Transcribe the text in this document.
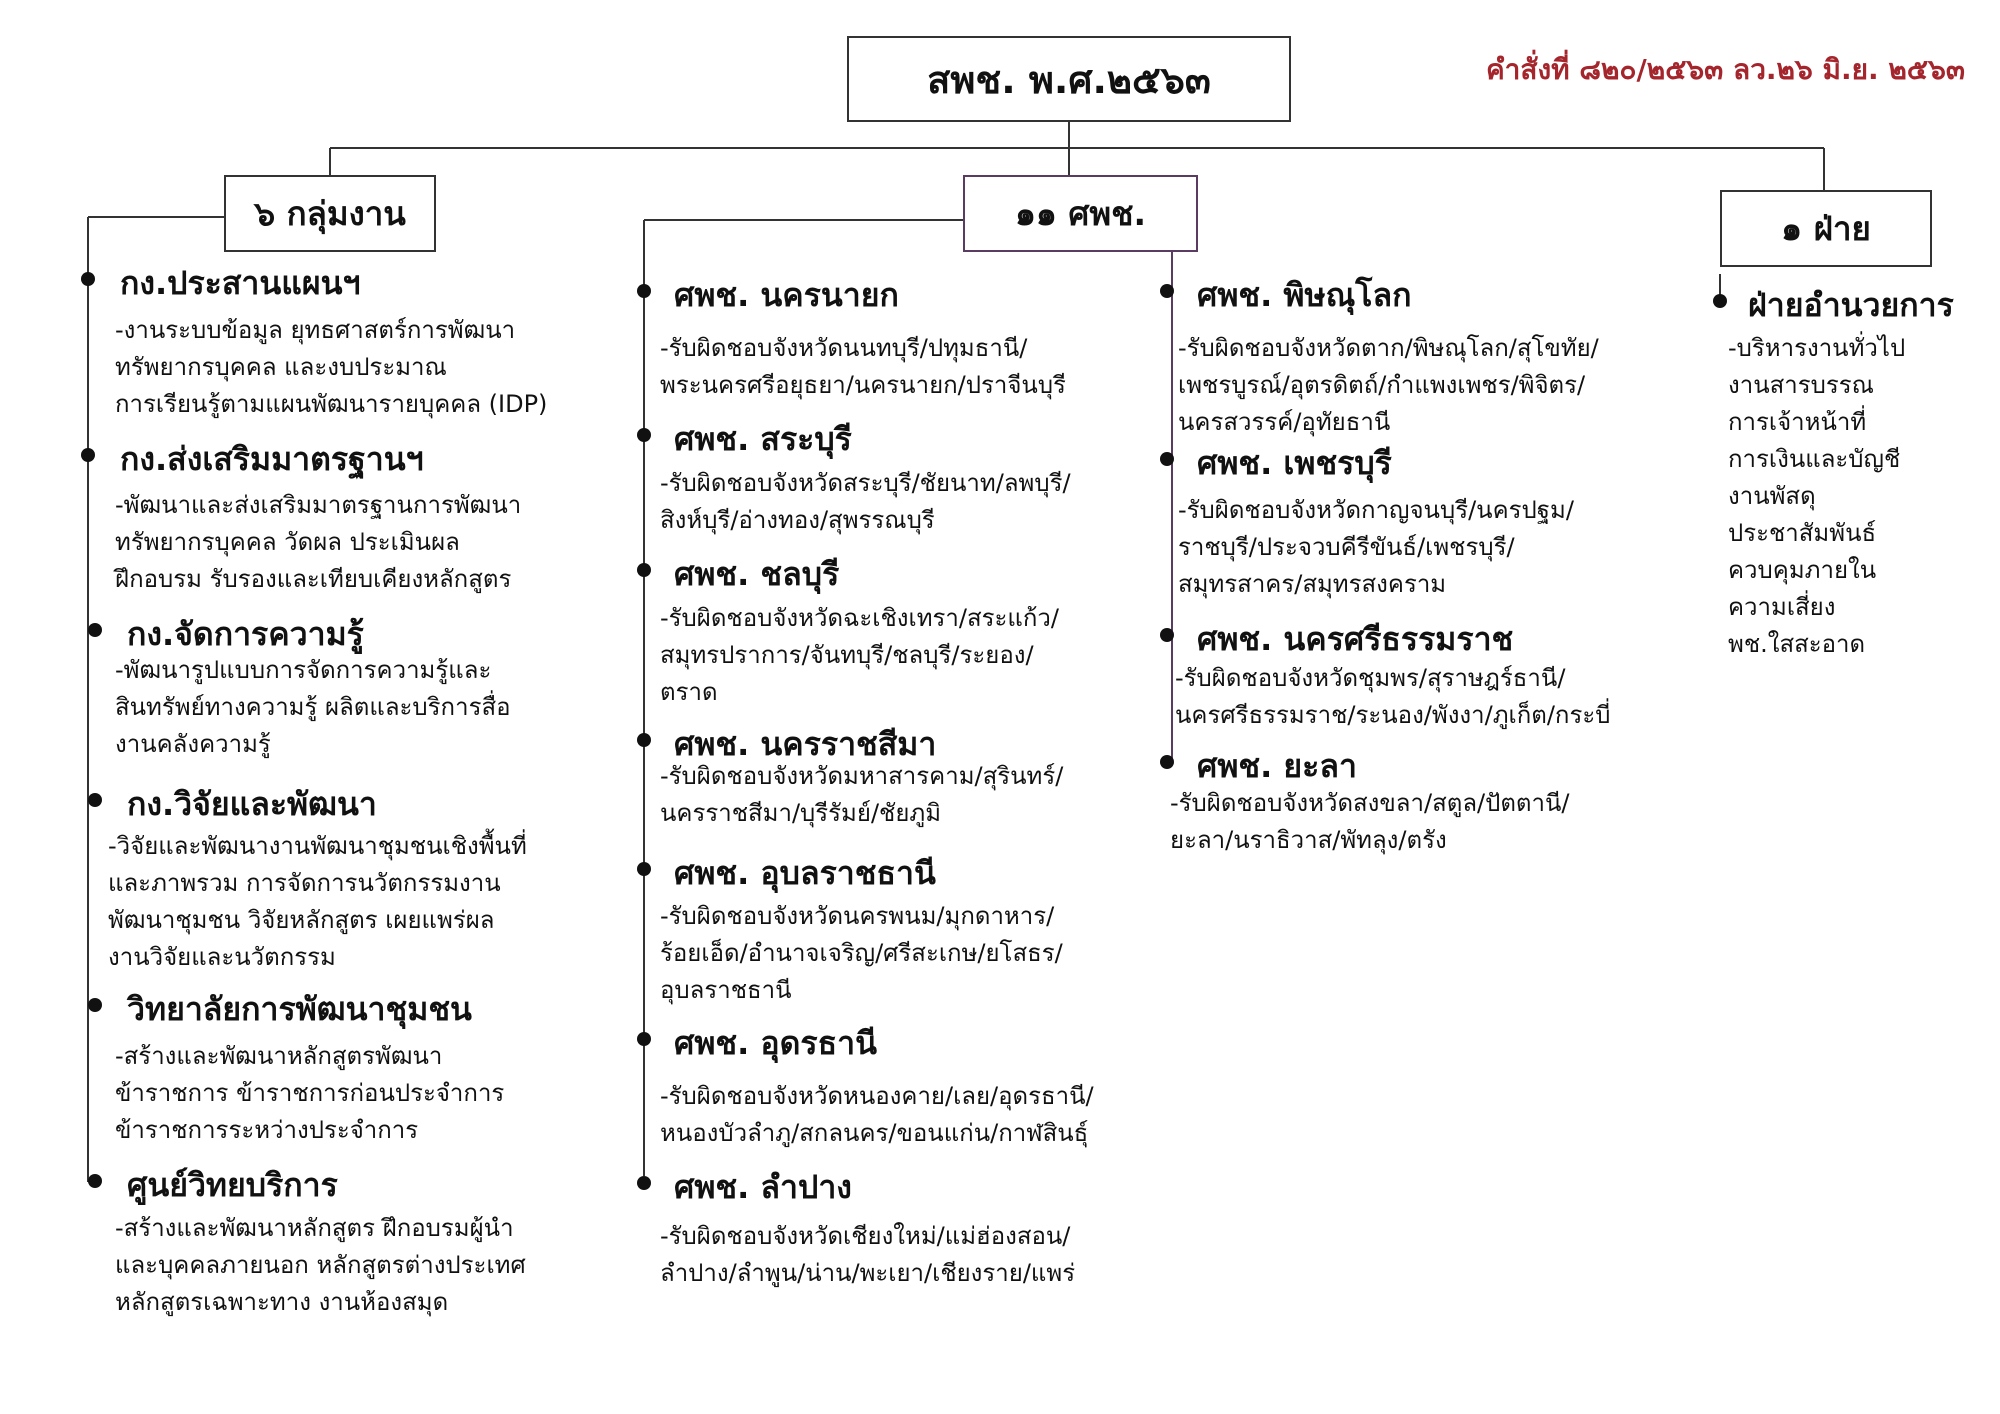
สพช. พ.ศ.๒๕๖๓	คำสั่งที่ ๘๒๐/๒๕๖๓ ลว.๒๖ มิ.ย. ๒๕๖๓
๖ กลุ่มงาน	๑๑ ศพช.	๑ ฝ่าย
กง.ประสานแผนฯ
-งานระบบข้อมูล ยุทธศาสตร์การพัฒนา
ทรัพยากรบุคคล และงบประมาณ
การเรียนรู้ตามแผนพัฒนารายบุคคล (IDP)
กง.ส่งเสริมมาตรฐานฯ
-พัฒนาและส่งเสริมมาตรฐานการพัฒนา
ทรัพยากรบุคคล วัดผล ประเมินผล
ฝึกอบรม รับรองและเทียบเคียงหลักสูตร
กง.จัดการความรู้
-พัฒนารูปแบบการจัดการความรู้และ
สินทรัพย์ทางความรู้ ผลิตและบริการสื่อ
งานคลังความรู้
กง.วิจัยและพัฒนา
-วิจัยและพัฒนางานพัฒนาชุมชนเชิงพื้นที่
และภาพรวม การจัดการนวัตกรรมงาน
พัฒนาชุมชน วิจัยหลักสูตร เผยแพร่ผล
งานวิจัยและนวัตกรรม
วิทยาลัยการพัฒนาชุมชน
-สร้างและพัฒนาหลักสูตรพัฒนา
ข้าราชการ ข้าราชการก่อนประจำการ
ข้าราชการระหว่างประจำการ
ศูนย์วิทยบริการ
-สร้างและพัฒนาหลักสูตร ฝึกอบรมผู้นำ
และบุคคลภายนอก หลักสูตรต่างประเทศ
หลักสูตรเฉพาะทาง งานห้องสมุด
ศพช. นครนายก
-รับผิดชอบจังหวัดนนทบุรี/ปทุมธานี/
พระนครศรีอยุธยา/นครนายก/ปราจีนบุรี
ศพช. สระบุรี
-รับผิดชอบจังหวัดสระบุรี/ชัยนาท/ลพบุรี/
สิงห์บุรี/อ่างทอง/สุพรรณบุรี
ศพช. ชลบุรี
-รับผิดชอบจังหวัดฉะเชิงเทรา/สระแก้ว/
สมุทรปราการ/จันทบุรี/ชลบุรี/ระยอง/
ตราด
ศพช. นครราชสีมา
-รับผิดชอบจังหวัดมหาสารคาม/สุรินทร์/
นครราชสีมา/บุรีรัมย์/ชัยภูมิ
ศพช. อุบลราชธานี
-รับผิดชอบจังหวัดนครพนม/มุกดาหาร/
ร้อยเอ็ด/อำนาจเจริญ/ศรีสะเกษ/ยโสธร/
อุบลราชธานี
ศพช. อุดรธานี
-รับผิดชอบจังหวัดหนองคาย/เลย/อุดรธานี/
หนองบัวลำภู/สกลนคร/ขอนแก่น/กาฬสินธุ์
ศพช. ลำปาง
-รับผิดชอบจังหวัดเชียงใหม่/แม่ฮ่องสอน/
ลำปาง/ลำพูน/น่าน/พะเยา/เชียงราย/แพร่
ศพช. พิษณุโลก
-รับผิดชอบจังหวัดตาก/พิษณุโลก/สุโขทัย/
เพชรบูรณ์/อุตรดิตถ์/กำแพงเพชร/พิจิตร/
นครสวรรค์/อุทัยธานี
ศพช. เพชรบุรี
-รับผิดชอบจังหวัดกาญจนบุรี/นครปฐม/
ราชบุรี/ประจวบคีรีขันธ์/เพชรบุรี/
สมุทรสาคร/สมุทรสงคราม
ศพช. นครศรีธรรมราช
-รับผิดชอบจังหวัดชุมพร/สุราษฎร์ธานี/
นครศรีธรรมราช/ระนอง/พังงา/ภูเก็ต/กระบี่
ศพช. ยะลา
-รับผิดชอบจังหวัดสงขลา/สตูล/ปัตตานี/
ยะลา/นราธิวาส/พัทลุง/ตรัง
ฝ่ายอำนวยการ
-บริหารงานทั่วไป
งานสารบรรณ
การเจ้าหน้าที่
การเงินและบัญชี
งานพัสดุ
ประชาสัมพันธ์
ควบคุมภายใน
ความเสี่ยง
พช.ใสสะอาด
